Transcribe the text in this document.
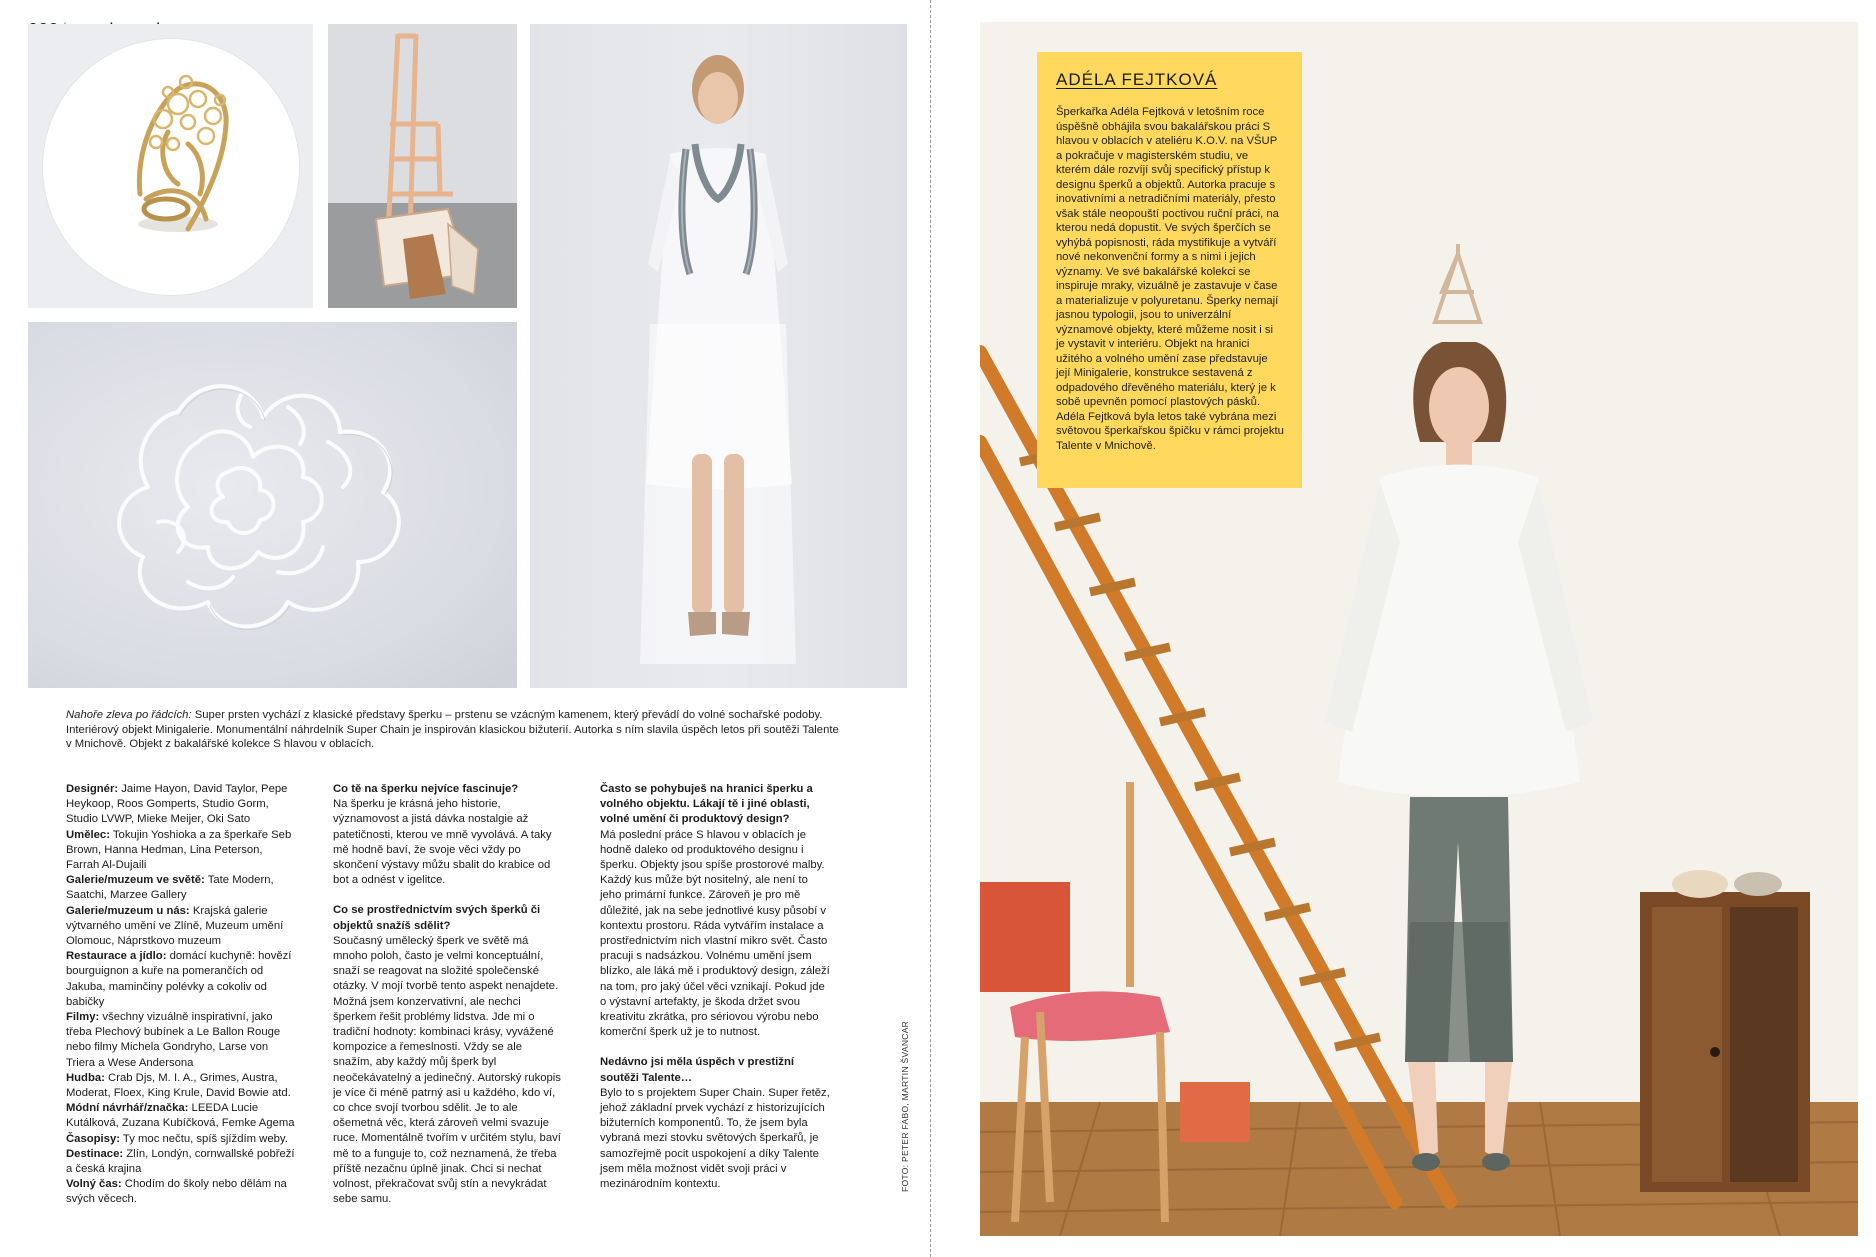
Nahoře zleva po řádcích: Super prsten vychází z klasické představy šperku – prstenu se vzácným kamenem, který převádí do volné sochařské podoby. Interiérový objekt Minigalerie. Monumentální náhrdelník Super Chain je inspirován klasickou bižuterií. Autorka s ním slavila úspěch letos při soutěži Talente v Mnichově. Objekt z bakalářské kolekce S hlavou v oblacích.

Designér: Jaime Hayon, David Taylor, Pepe Heykoop, Roos Gomperts, Studio Gorm, Studio LVWP, Mieke Meijer, Oki Sato

Umělec: Tokujin Yoshioka a za šperkaře Seb Brown, Hanna Hedman, Lina Peterson, Farrah Al-Dujaili

Galerie/muzeum ve světě: Tate Modern, Saatchi, Marzee Gallery

Galerie/muzeum u nás: Krajská galerie výtvarného umění ve Zlíně, Muzeum umění Olomouc, Náprstkovo muzeum

Restaurace a jídlo: domácí kuchyně: hovězí bourguignon a kuře na pomerančích od Jakuba, maminčiny polévky a cokoliv od babičky

Filmy: všechny vizuálně inspirativní, jako třeba Plechový bubínek a Le Ballon Rouge nebo filmy Michela Gondryho, Larse von Triera a Wese Andersona

Hudba: Crab Djs, M. I. A., Grimes, Austra, Moderat, Floex, King Krule, David Bowie atd.

Módní návrhář/značka: LEEDA Lucie Kutálková, Zuzana Kubíčková, Femke Agema

Časopisy: Ty moc nečtu, spíš sjíždím weby.

Destinace: Zlín, Londýn, cornwallské pobřeží a česká krajina

Volný čas: Chodím do školy nebo dělám na svých věcech.

Co tě na šperku nejvíce fascinuje?

Na šperku je krásná jeho historie, významovost a jistá dávka nostalgie až patetičnosti, kterou ve mně vyvolává. A taky mě hodně baví, že svoje věci vždy po skončení výstavy můžu sbalit do krabice od bot a odnést v igelitce.

Co se prostřednictvím svých šperků či objektů snažíš sdělit?

Současný umělecký šperk ve světě má mnoho poloh, často je velmi konceptuální, snaží se reagovat na složité společenské otázky. V mojí tvorbě tento aspekt nenajdete. Možná jsem konzervativní, ale nechci šperkem řešit problémy lidstva. Jde mi o tradiční hodnoty: kombinaci krásy, vyvážené kompozice a řemeslnosti. Vždy se ale snažím, aby každý můj šperk byl neočekávatelný a jedinečný. Autorský rukopis je více či méně patrný asi u každého, kdo ví, co chce svojí tvorbou sdělit. Je to ale ošemetná věc, která zároveň velmi svazuje ruce. Momentálně tvořím v určitém stylu, baví mě to a funguje to, což neznamená, že třeba příště nezačnu úplně jinak. Chci si nechat volnost, překračovat svůj stín a nevykrádat sebe samu.

Často se pohybuješ na hranici šperku a volného objektu. Lákají tě i jiné oblasti, volné umění či produktový design?

Má poslední práce S hlavou v oblacích je hodně daleko od produktového designu i šperku. Objekty jsou spíše prostorové malby. Každý kus může být nositelný, ale není to jeho primární funkce. Zároveň je pro mě důležité, jak na sebe jednotlivé kusy působí v kontextu prostoru. Ráda vytvářím instalace a prostřednictvím nich vlastní mikro svět. Často pracuji s nadsázkou. Volnému umění jsem blízko, ale láká mě i produktový design, záleží na tom, pro jaký účel věci vznikají. Pokud jde o výstavní artefakty, je škoda držet svou kreativitu zkrátka, pro sériovou výrobu nebo komerční šperk už je to nutnost.

Nedávno jsi měla úspěch v prestižní soutěži Talente…

Bylo to s projektem Super Chain. Super řetěz, jehož základní prvek vychází z historizujících bižuterních komponentů. To, že jsem byla vybraná mezi stovku světových šperkařů, je samozřejmě pocit uspokojení a díky Talente jsem měla možnost vidět svoji práci v mezinárodním kontextu.	FOTO: PETER FABO, MARTIN ŠVANCAR
ADÉLA FEJTKOVÁ

Šperkařka Adéla Fejtková v letošním roce úspěšně obhájila svou bakalářskou práci S hlavou v oblacích v ateliéru K.O.V. na VŠUP a pokračuje v magisterském studiu, ve kterém dále rozvíjí svůj specifický přístup k designu šperků a objektů. Autorka pracuje s inovativními a netradičními materiály, přesto však stále neopouští poctivou ruční práci, na kterou nedá dopustit. Ve svých šperčích se vyhýbá popisnosti, ráda mystifikuje a vytváří nové nekonvenční formy a s nimi i jejich významy. Ve své bakalářské kolekci se inspiruje mraky, vizuálně je zastavuje v čase a materializuje v polyuretanu. Šperky nemají jasnou typologii, jsou to univerzální významové objekty, které můžeme nosit i si je vystavit v interiéru. Objekt na hranici užitého a volného umění zase představuje její Minigalerie, konstrukce sestavená z odpadového dřevěného materiálu, který je k sobě upevněn pomocí plastových pásků. Adéla Fejtková byla letos také vybrána mezi světovou šperkařskou špičku v rámci projektu Talente v Mnichově.
